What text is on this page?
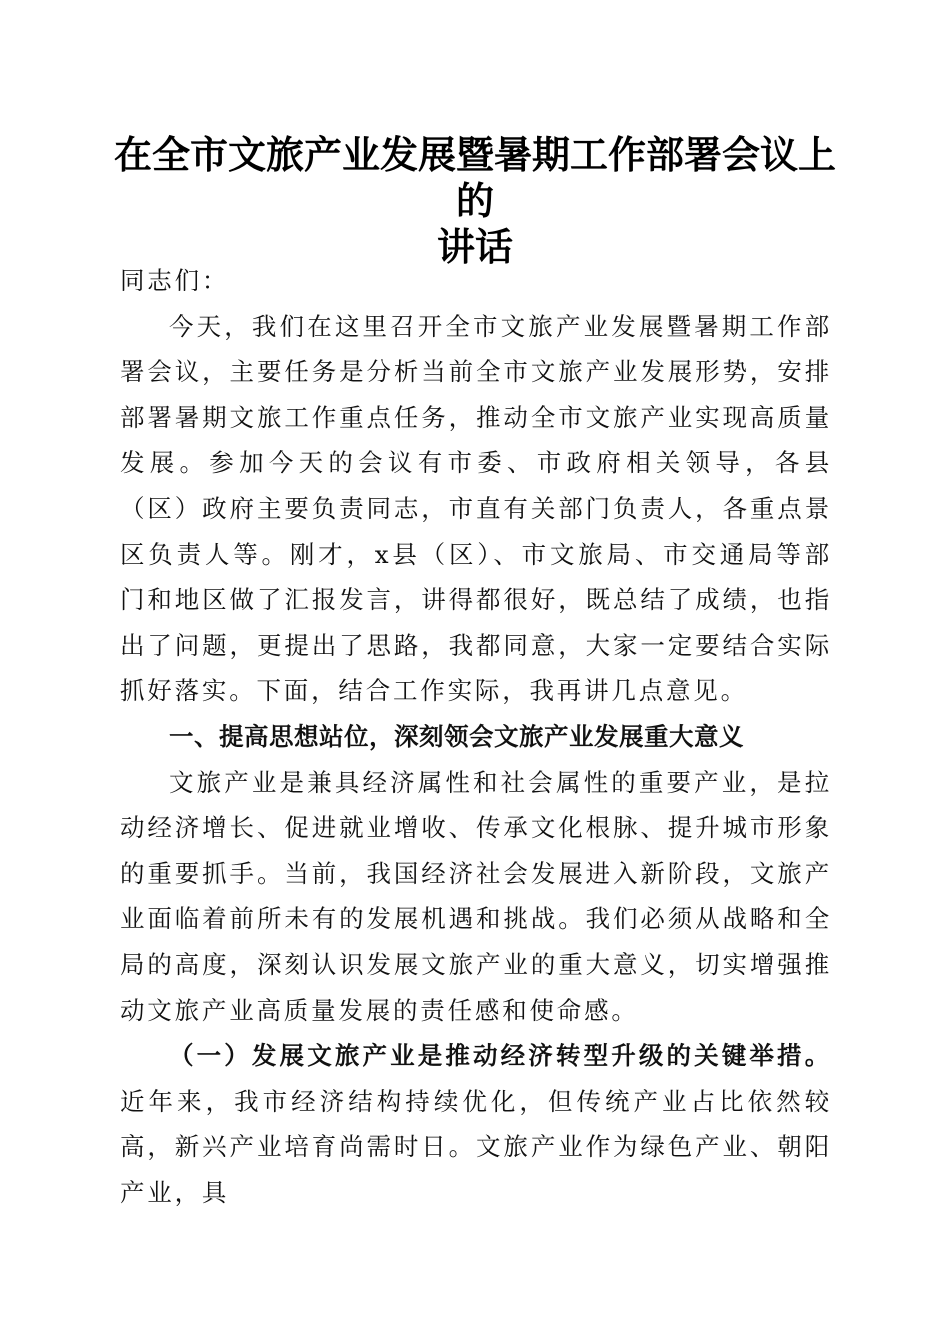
在全市文旅产业发展暨暑期工作部署会议上的
讲话

同志们：

今天，我们在这里召开全市文旅产业发展暨暑期工作部署会议，主要任务是分析当前全市文旅产业发展形势，安排部署暑期文旅工作重点任务，推动全市文旅产业实现高质量发展。参加今天的会议有市委、市政府相关领导，各县（区）政府主要负责同志，市直有关部门负责人，各重点景区负责人等。刚才，x县（区）、市文旅局、市交通局等部门和地区做了汇报发言，讲得都很好，既总结了成绩，也指出了问题，更提出了思路，我都同意，大家一定要结合实际抓好落实。下面，结合工作实际，我再讲几点意见。

一、提高思想站位，深刻领会文旅产业发展重大意义

文旅产业是兼具经济属性和社会属性的重要产业，是拉动经济增长、促进就业增收、传承文化根脉、提升城市形象的重要抓手。当前，我国经济社会发展进入新阶段，文旅产业面临着前所未有的发展机遇和挑战。我们必须从战略和全局的高度，深刻认识发展文旅产业的重大意义，切实增强推动文旅产业高质量发展的责任感和使命感。

（一）发展文旅产业是推动经济转型升级的关键举措。近年来，我市经济结构持续优化，但传统产业占比依然较高，新兴产业培育尚需时日。文旅产业作为绿色产业、朝阳产业，具
